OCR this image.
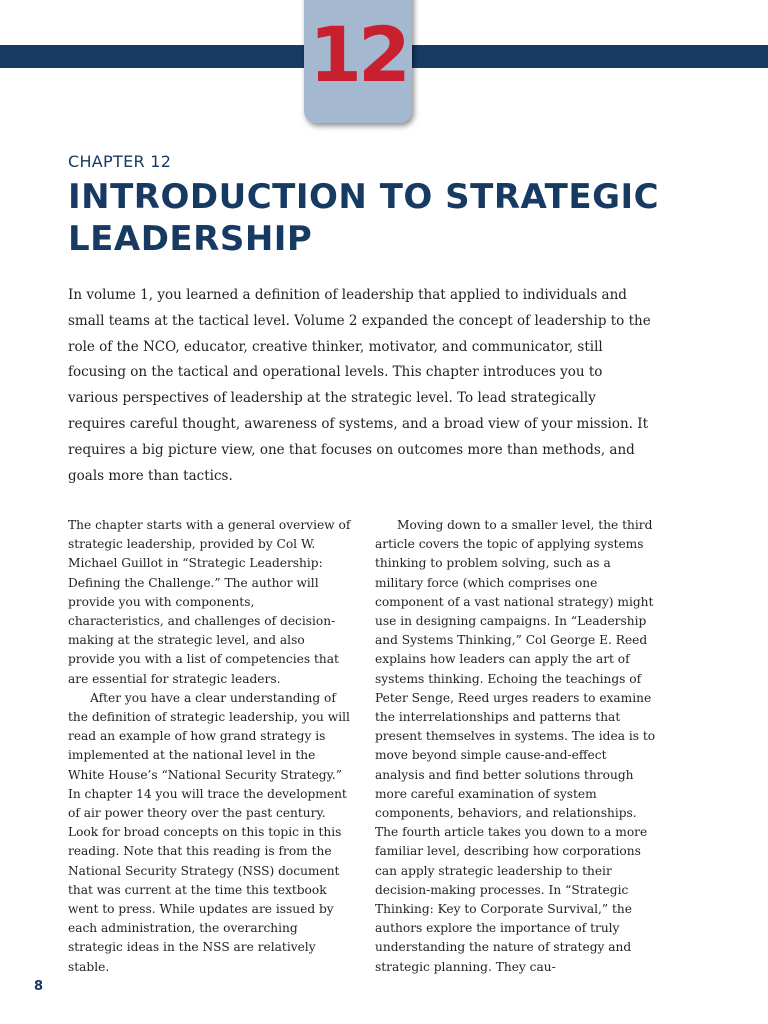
12
CHAPTER 12
INTRODUCTION TO STRATEGIC
LEADERSHIP

In volume 1, you learned a definition of leadership that applied to individuals and small teams at the tactical level. Volume 2 expanded the concept of leadership to the role of the NCO, educator, creative thinker, motivator, and communicator, still focusing on the tactical and operational levels. This chapter introduces you to various perspectives of leadership at the strategic level. To lead strategically requires careful thought, awareness of systems, and a broad view of your mission. It requires a big picture view, one that focuses on outcomes more than methods, and goals more than tactics.

The chapter starts with a general overview of strategic leadership, provided by Col W. Michael Guillot in “Strategic Leadership: Defining the Challenge.” The author will provide you with components, characteristics, and challenges of decision-making at the strategic level, and also provide you with a list of competencies that are essential for strategic leaders.

After you have a clear understanding of the definition of strategic leadership, you will read an example of how grand strategy is implemented at the national level in the White House’s “National Security Strategy.” In chapter 14 you will trace the development of air power theory over the past century. Look for broad concepts on this topic in this reading. Note that this reading is from the National Security Strategy (NSS) document that was current at the time this textbook went to press. While updates are issued by each administration, the overarching strategic ideas in the NSS are relatively stable.

Moving down to a smaller level, the third article covers the topic of applying systems thinking to problem solving, such as a military force (which comprises one component of a vast national strategy) might use in designing campaigns. In “Leadership and Systems Thinking,” Col George E. Reed explains how leaders can apply the art of systems thinking. Echoing the teachings of Peter Senge, Reed urges readers to examine the interrelationships and patterns that present themselves in systems. The idea is to move beyond simple cause-and-effect analysis and find better solutions through more careful examination of system components, behaviors, and relationships.

The fourth article takes you down to a more familiar level, describing how corporations can apply strategic leadership to their decision-making processes. In “Strategic Thinking: Key to Corporate Survival,” the authors explore the importance of truly understanding the nature of strategy and strategic planning. They cau-

8
